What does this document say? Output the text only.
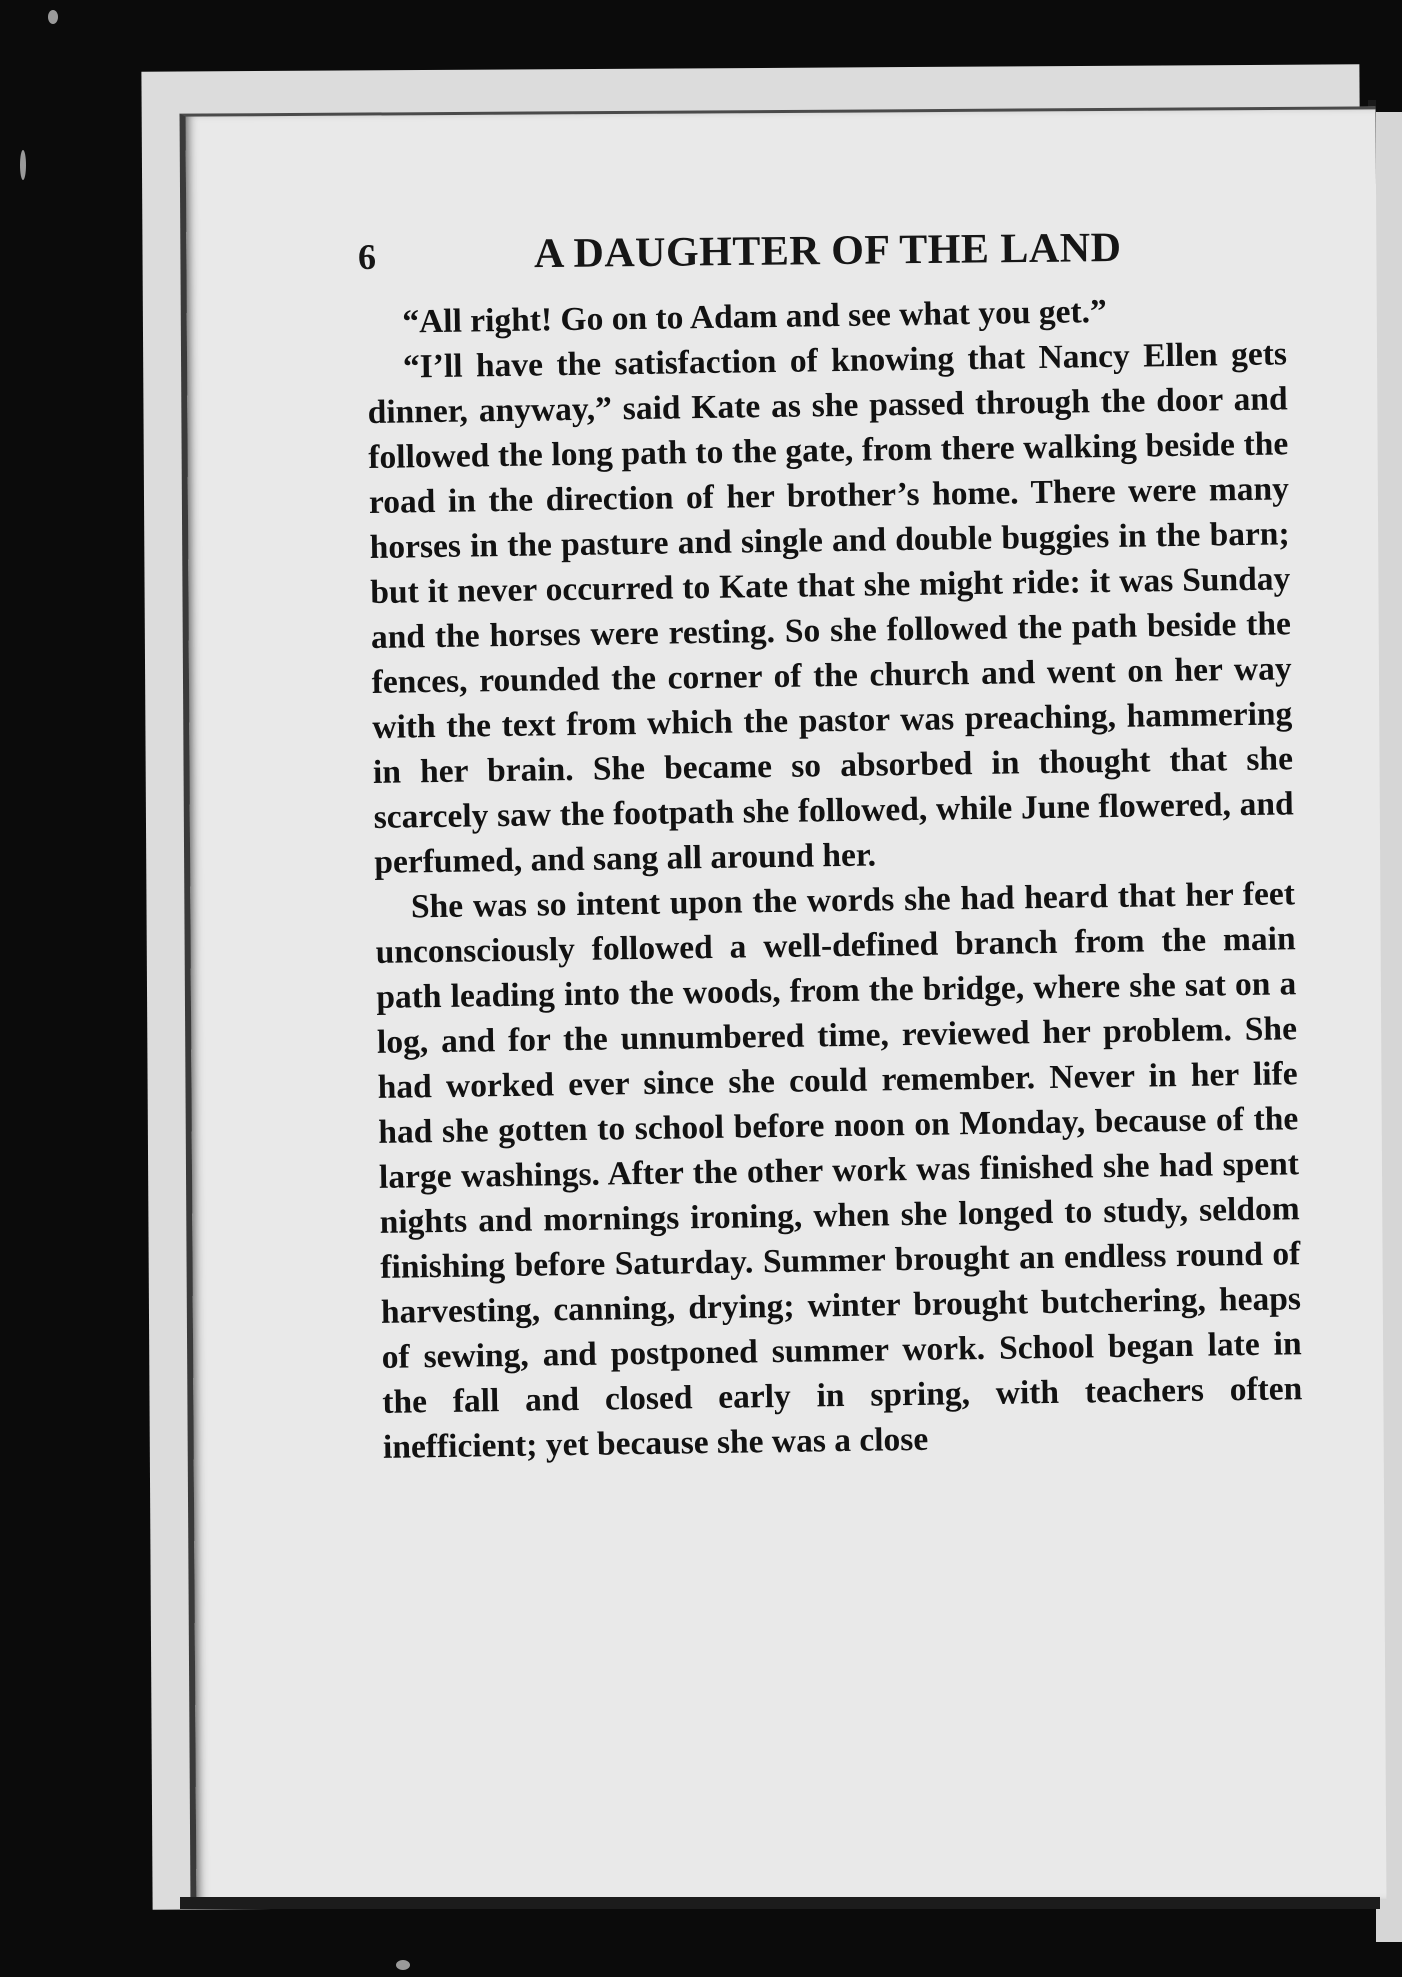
6	A DAUGHTER OF THE LAND

“All right! Go on to Adam and see what you get.”

“I’ll have the satisfaction of knowing that Nancy Ellen gets dinner, anyway,” said Kate as she passed through the door and followed the long path to the gate, from there walking beside the road in the direction of her brother’s home. There were many horses in the pasture and single and double buggies in the barn; but it never occurred to Kate that she might ride: it was Sunday and the horses were resting. So she followed the path beside the fences, rounded the corner of the church and went on her way with the text from which the pastor was preaching, hammering in her brain. She became so absorbed in thought that she scarcely saw the footpath she followed, while June flowered, and perfumed, and sang all around her.

She was so intent upon the words she had heard that her feet unconsciously followed a well-defined branch from the main path leading into the woods, from the bridge, where she sat on a log, and for the unnumbered time, reviewed her problem. She had worked ever since she could remember. Never in her life had she gotten to school before noon on Monday, because of the large washings. After the other work was finished she had spent nights and mornings ironing, when she longed to study, seldom finishing before Saturday. Summer brought an endless round of harvesting, canning, drying; winter brought butchering, heaps of sewing, and postponed summer work. School began late in the fall and closed early in spring, with teachers often inefficient; yet because she was a close
